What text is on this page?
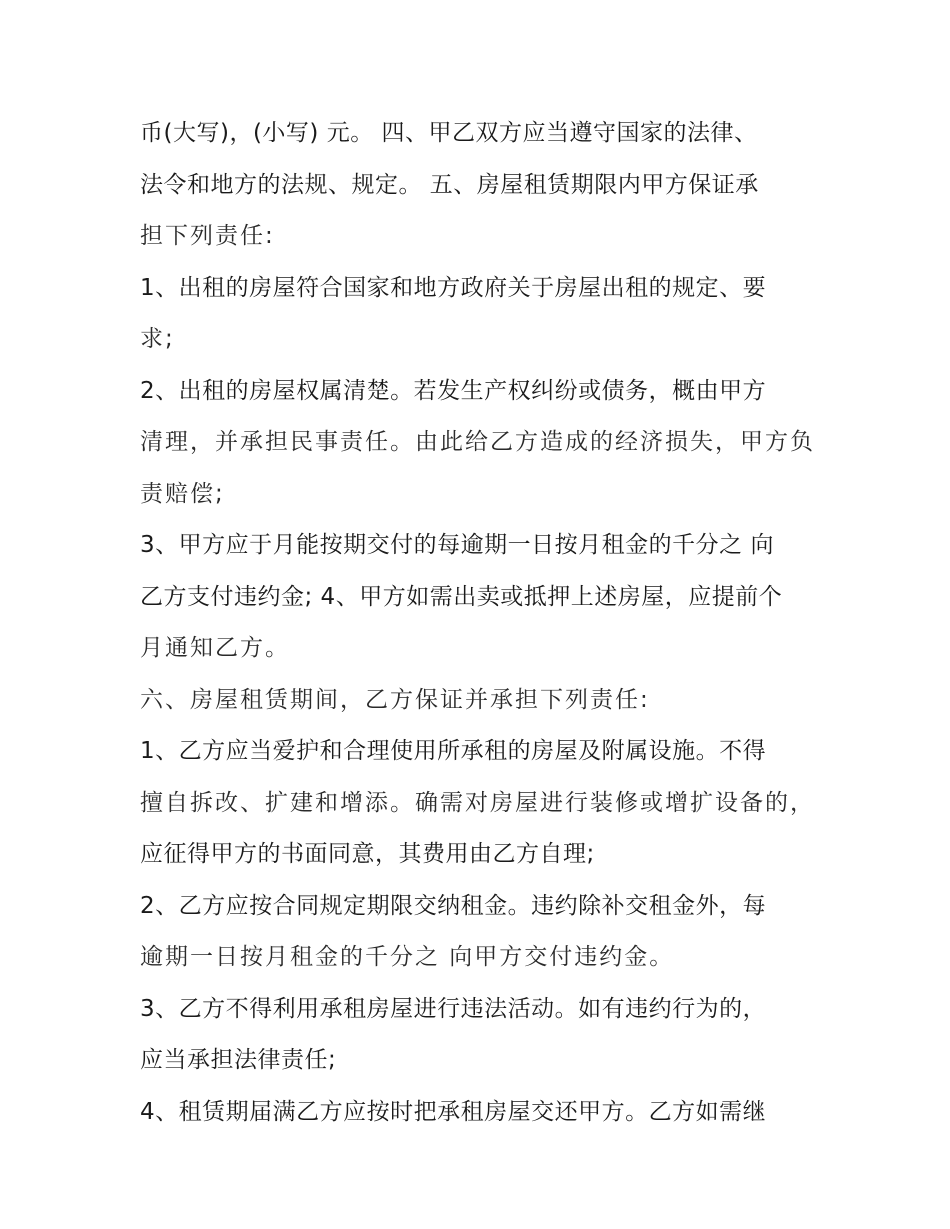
币(大写)，(小写) 元。 四、甲乙双方应当遵守国家的法律、
法令和地方的法规、规定。 五、房屋租赁期限内甲方保证承
担下列责任:
1、出租的房屋符合国家和地方政府关于房屋出租的规定、要
求;
2、出租的房屋权属清楚。若发生产权纠纷或债务，概由甲方
清理，并承担民事责任。由此给乙方造成的经济损失，甲方负
责赔偿;
3、甲方应于月能按期交付的每逾期一日按月租金的千分之 向
乙方支付违约金; 4、甲方如需出卖或抵押上述房屋，应提前个
月通知乙方。
六、房屋租赁期间，乙方保证并承担下列责任:
1、乙方应当爱护和合理使用所承租的房屋及附属设施。不得
擅自拆改、扩建和增添。确需对房屋进行装修或增扩设备的，
应征得甲方的书面同意，其费用由乙方自理;
2、乙方应按合同规定期限交纳租金。违约除补交租金外，每
逾期一日按月租金的千分之 向甲方交付违约金。
3、乙方不得利用承租房屋进行违法活动。如有违约行为的，
应当承担法律责任;
4、租赁期届满乙方应按时把承租房屋交还甲方。乙方如需继
